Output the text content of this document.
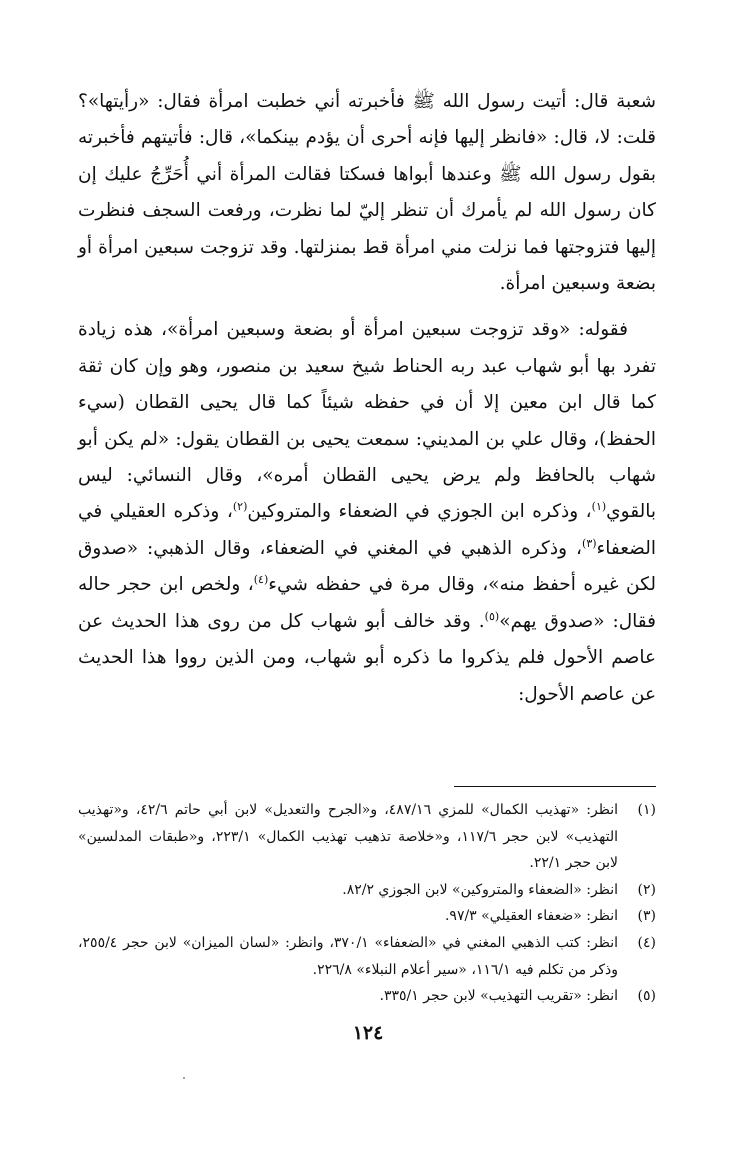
شعبة قال: أتيت رسول الله ﷺ فأخبرته أني خطبت امرأة فقال: «رأيتها»؟ قلت: لا، قال: «فانظر إليها فإنه أحرى أن يؤدم بينكما»، قال: فأتيتهم فأخبرته بقول رسول الله ﷺ وعندها أبواها فسكتا فقالت المرأة أني أُحَرِّجُ عليك إن كان رسول الله لم يأمرك أن تنظر إليّ لما نظرت، ورفعت السجف فنظرت إليها فتزوجتها فما نزلت مني امرأة قط بمنزلتها. وقد تزوجت سبعين امرأة أو بضعة وسبعين امرأة.

فقوله: «وقد تزوجت سبعين امرأة أو بضعة وسبعين امرأة»، هذه زيادة تفرد بها أبو شهاب عبد ربه الحناط شيخ سعيد بن منصور، وهو وإن كان ثقة كما قال ابن معين إلا أن في حفظه شيئاً كما قال يحيى القطان (سيء الحفظ)، وقال علي بن المديني: سمعت يحيى بن القطان يقول: «لم يكن أبو شهاب بالحافظ ولم يرض يحيى القطان أمره»، وقال النسائي: ليس بالقوي$^{(١)}$، وذكره ابن الجوزي في الضعفاء والمتروكين$^{(٢)}$، وذكره العقيلي في الضعفاء$^{(٣)}$، وذكره الذهبي في المغني في الضعفاء، وقال الذهبي: «صدوق لكن غيره أحفظ منه»، وقال مرة في حفظه شيء$^{(٤)}$، ولخص ابن حجر حاله فقال: «صدوق يهم»$^{(٥)}$. وقد خالف أبو شهاب كل من روى هذا الحديث عن عاصم الأحول فلم يذكروا ما ذكره أبو شهاب، ومن الذين رووا هذا الحديث عن عاصم الأحول:

(١)
انظر: «تهذيب الكمال» للمزي ٤٨٧/١٦، و«الجرح والتعديل» لابن أبي حاتم ٤٢/٦، و«تهذيب التهذيب» لابن حجر ١١٧/٦، و«خلاصة تذهيب تهذيب الكمال» ٢٢٣/١، و«طبقات المدلسين» لابن حجر ٢٢/١.
(٢)
انظر: «الضعفاء والمتروكين» لابن الجوزي ٨٢/٢.
(٣)
انظر: «ضعفاء العقيلي» ٩٧/٣.
(٤)
انظر: كتب الذهبي المغني في «الضعفاء» ٣٧٠/١، وانظر: «لسان الميزان» لابن حجر ٢٥٥/٤، وذكر من تكلم فيه ١١٦/١، «سير أعلام النبلاء» ٢٢٦/٨.
(٥)
انظر: «تقريب التهذيب» لابن حجر ٣٣٥/١.
١٢٤
